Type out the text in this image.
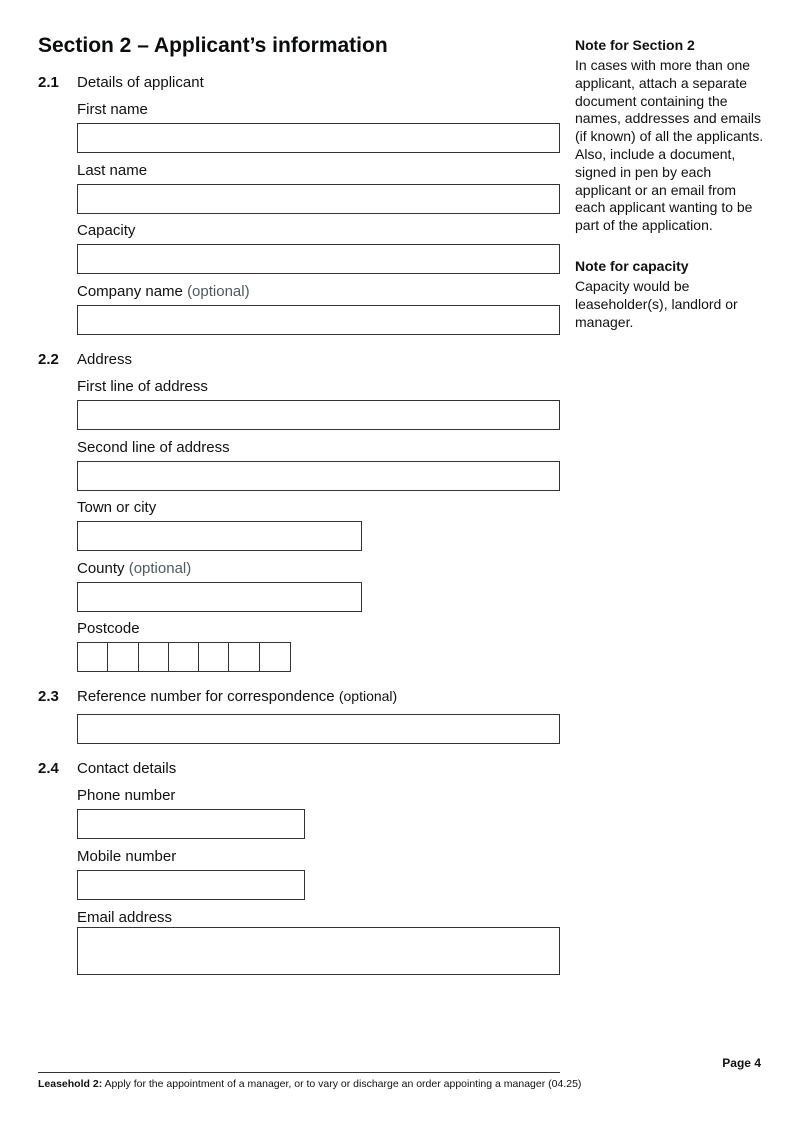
Section 2 – Applicant’s information
2.1 Details of applicant
First name
Last name
Capacity
Company name (optional)
2.2 Address
First line of address
Second line of address
Town or city
County (optional)
Postcode
2.3 Reference number for correspondence (optional)
2.4 Contact details
Phone number
Mobile number
Email address
Note for Section 2
In cases with more than one applicant, attach a separate document containing the names, addresses and emails (if known) of all the applicants. Also, include a document, signed in pen by each applicant or an email from each applicant wanting to be part of the application.
Note for capacity
Capacity would be leaseholder(s), landlord or manager.
Page 4
Leasehold 2: Apply for the appointment of a manager, or to vary or discharge an order appointing a manager (04.25)
